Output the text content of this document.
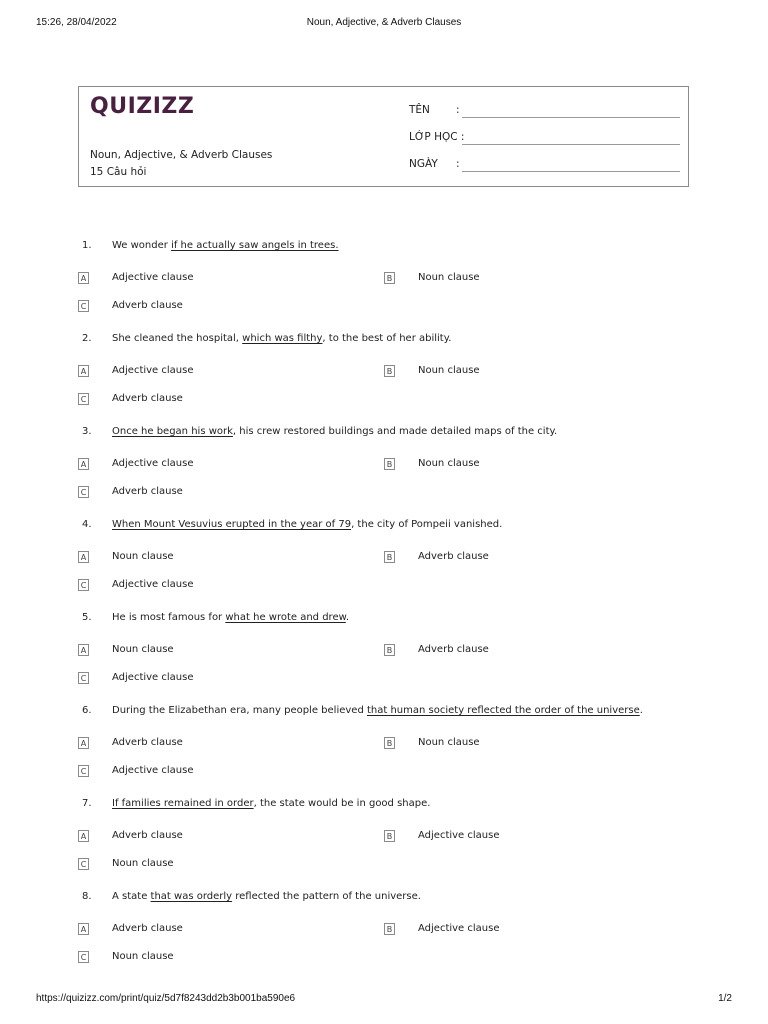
15:26, 28/04/2022	Noun, Adjective, & Adverb Clauses
QUIZIZZ
Noun, Adjective, & Adverb Clauses
15 Câu hỏi
TÊN :
LỚP HỌC :
NGÀY :
1. We wonder if he actually saw angels in trees.
A	Adjective clause	B	Noun clause
C	Adverb clause
2. She cleaned the hospital, which was filthy, to the best of her ability.
A	Adjective clause	B	Noun clause
C	Adverb clause
3. Once he began his work, his crew restored buildings and made detailed maps of the city.
A	Adjective clause	B	Noun clause
C	Adverb clause
4. When Mount Vesuvius erupted in the year of 79, the city of Pompeii vanished.
A	Noun clause	B	Adverb clause
C	Adjective clause
5. He is most famous for what he wrote and drew.
A	Noun clause	B	Adverb clause
C	Adjective clause
6. During the Elizabethan era, many people believed that human society reflected the order of the universe.
A	Adverb clause	B	Noun clause
C	Adjective clause
7. If families remained in order, the state would be in good shape.
A	Adverb clause	B	Adjective clause
C	Noun clause
8. A state that was orderly reflected the pattern of the universe.
A	Adverb clause	B	Adjective clause
C	Noun clause
https://quizizz.com/print/quiz/5d7f8243dd2b3b001ba590e6	1/2
